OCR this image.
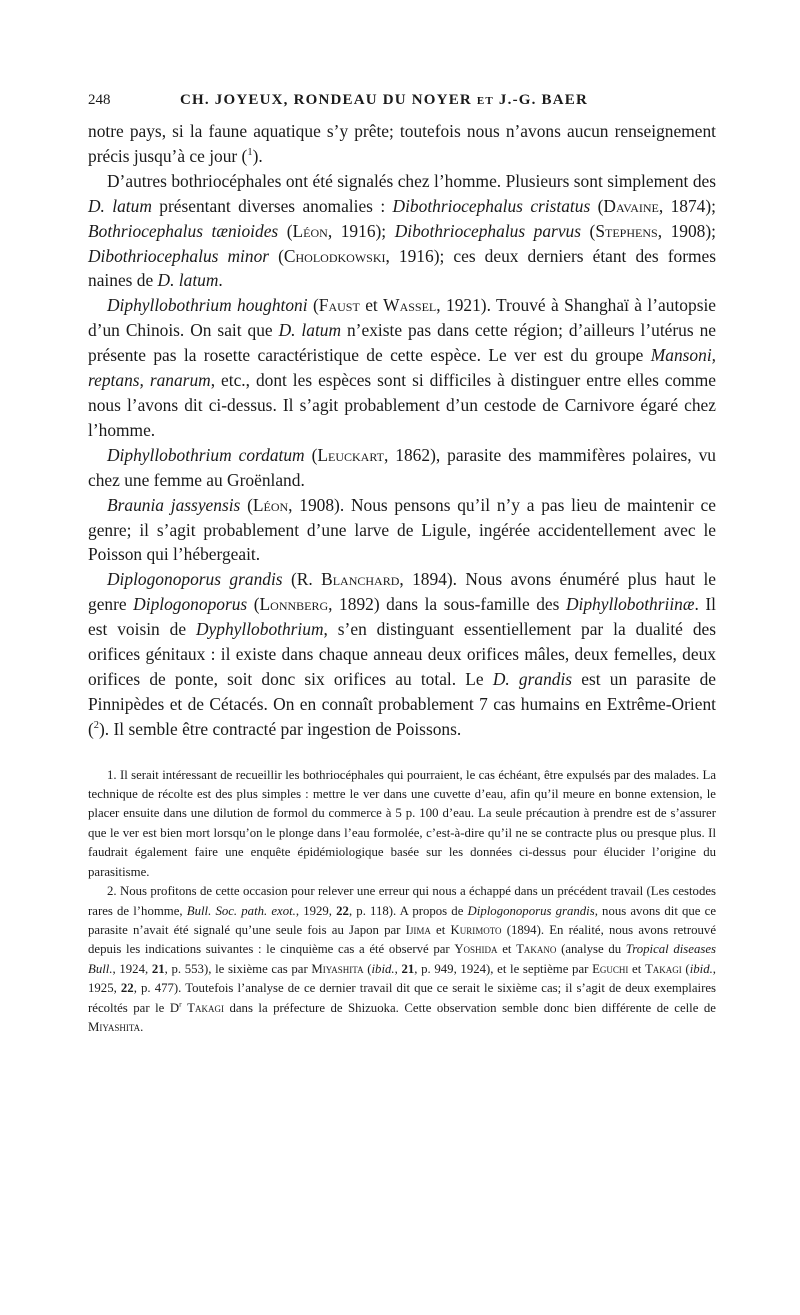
248	CH. JOYEUX, RONDEAU DU NOYER et J.-G. BAER

notre pays, si la faune aquatique s’y prête; toutefois nous n’avons aucun renseignement précis jusqu’à ce jour ($^1$).

D’autres bothriocéphales ont été signalés chez l’homme. Plusieurs sont simplement des D. latum présentant diverses anomalies : Dibothriocephalus cristatus (Davaine, 1874); Bothriocephalus tænioides (Léon, 1916); Dibothriocephalus parvus (Stephens, 1908); Dibothriocephalus minor (Cholodkowski, 1916); ces deux derniers étant des formes naines de D. latum.

Diphyllobothrium houghtoni (Faust et Wassel, 1921). Trouvé à Shanghaï à l’autopsie d’un Chinois. On sait que D. latum n’existe pas dans cette région; d’ailleurs l’utérus ne présente pas la rosette caractéristique de cette espèce. Le ver est du groupe Mansoni, reptans, ranarum, etc., dont les espèces sont si difficiles à distinguer entre elles comme nous l’avons dit ci-dessus. Il s’agit probablement d’un cestode de Carnivore égaré chez l’homme.

Diphyllobothrium cordatum (Leuckart, 1862), parasite des mammifères polaires, vu chez une femme au Groënland.

Braunia jassyensis (Léon, 1908). Nous pensons qu’il n’y a pas lieu de maintenir ce genre; il s’agit probablement d’une larve de Ligule, ingérée accidentellement avec le Poisson qui l’hébergeait.

Diplogonoporus grandis (R. Blanchard, 1894). Nous avons énuméré plus haut le genre Diplogonoporus (Lonnberg, 1892) dans la sous-famille des Diphyllobothriinæ. Il est voisin de Dyphyllobothrium, s’en distinguant essentiellement par la dualité des orifices génitaux : il existe dans chaque anneau deux orifices mâles, deux femelles, deux orifices de ponte, soit donc six orifices au total. Le D. grandis est un parasite de Pinnipèdes et de Cétacés. On en connaît probablement 7 cas humains en Extrême-Orient ($^2$). Il semble être contracté par ingestion de Poissons.

1. Il serait intéressant de recueillir les bothriocéphales qui pourraient, le cas échéant, être expulsés par des malades. La technique de récolte est des plus simples : mettre le ver dans une cuvette d’eau, afin qu’il meure en bonne extension, le placer ensuite dans une dilution de formol du commerce à 5 p. 100 d’eau. La seule précaution à prendre est de s’assurer que le ver est bien mort lorsqu’on le plonge dans l’eau formolée, c’est-à-dire qu’il ne se contracte plus ou presque plus. Il faudrait également faire une enquête épidémiologique basée sur les données ci-dessus pour élucider l’origine du parasitisme.

2. Nous profitons de cette occasion pour relever une erreur qui nous a échappé dans un précédent travail (Les cestodes rares de l’homme, Bull. Soc. path. exot., 1929, 22, p. 118). A propos de Diplogonoporus grandis, nous avons dit que ce parasite n’avait été signalé qu’une seule fois au Japon par Ijima et Kurimoto (1894). En réalité, nous avons retrouvé depuis les indications suivantes : le cinquième cas a été observé par Yoshida et Takano (analyse du Tropical diseases Bull., 1924, 21, p. 553), le sixième cas par Miyashita (ibid., 21, p. 949, 1924), et le septième par Eguchi et Takagi (ibid., 1925, 22, p. 477). Toutefois l’analyse de ce dernier travail dit que ce serait le sixième cas; il s’agit de deux exemplaires récoltés par le $D^r$ Takagi dans la préfecture de Shizuoka. Cette observation semble donc bien différente de celle de Miyashita.
